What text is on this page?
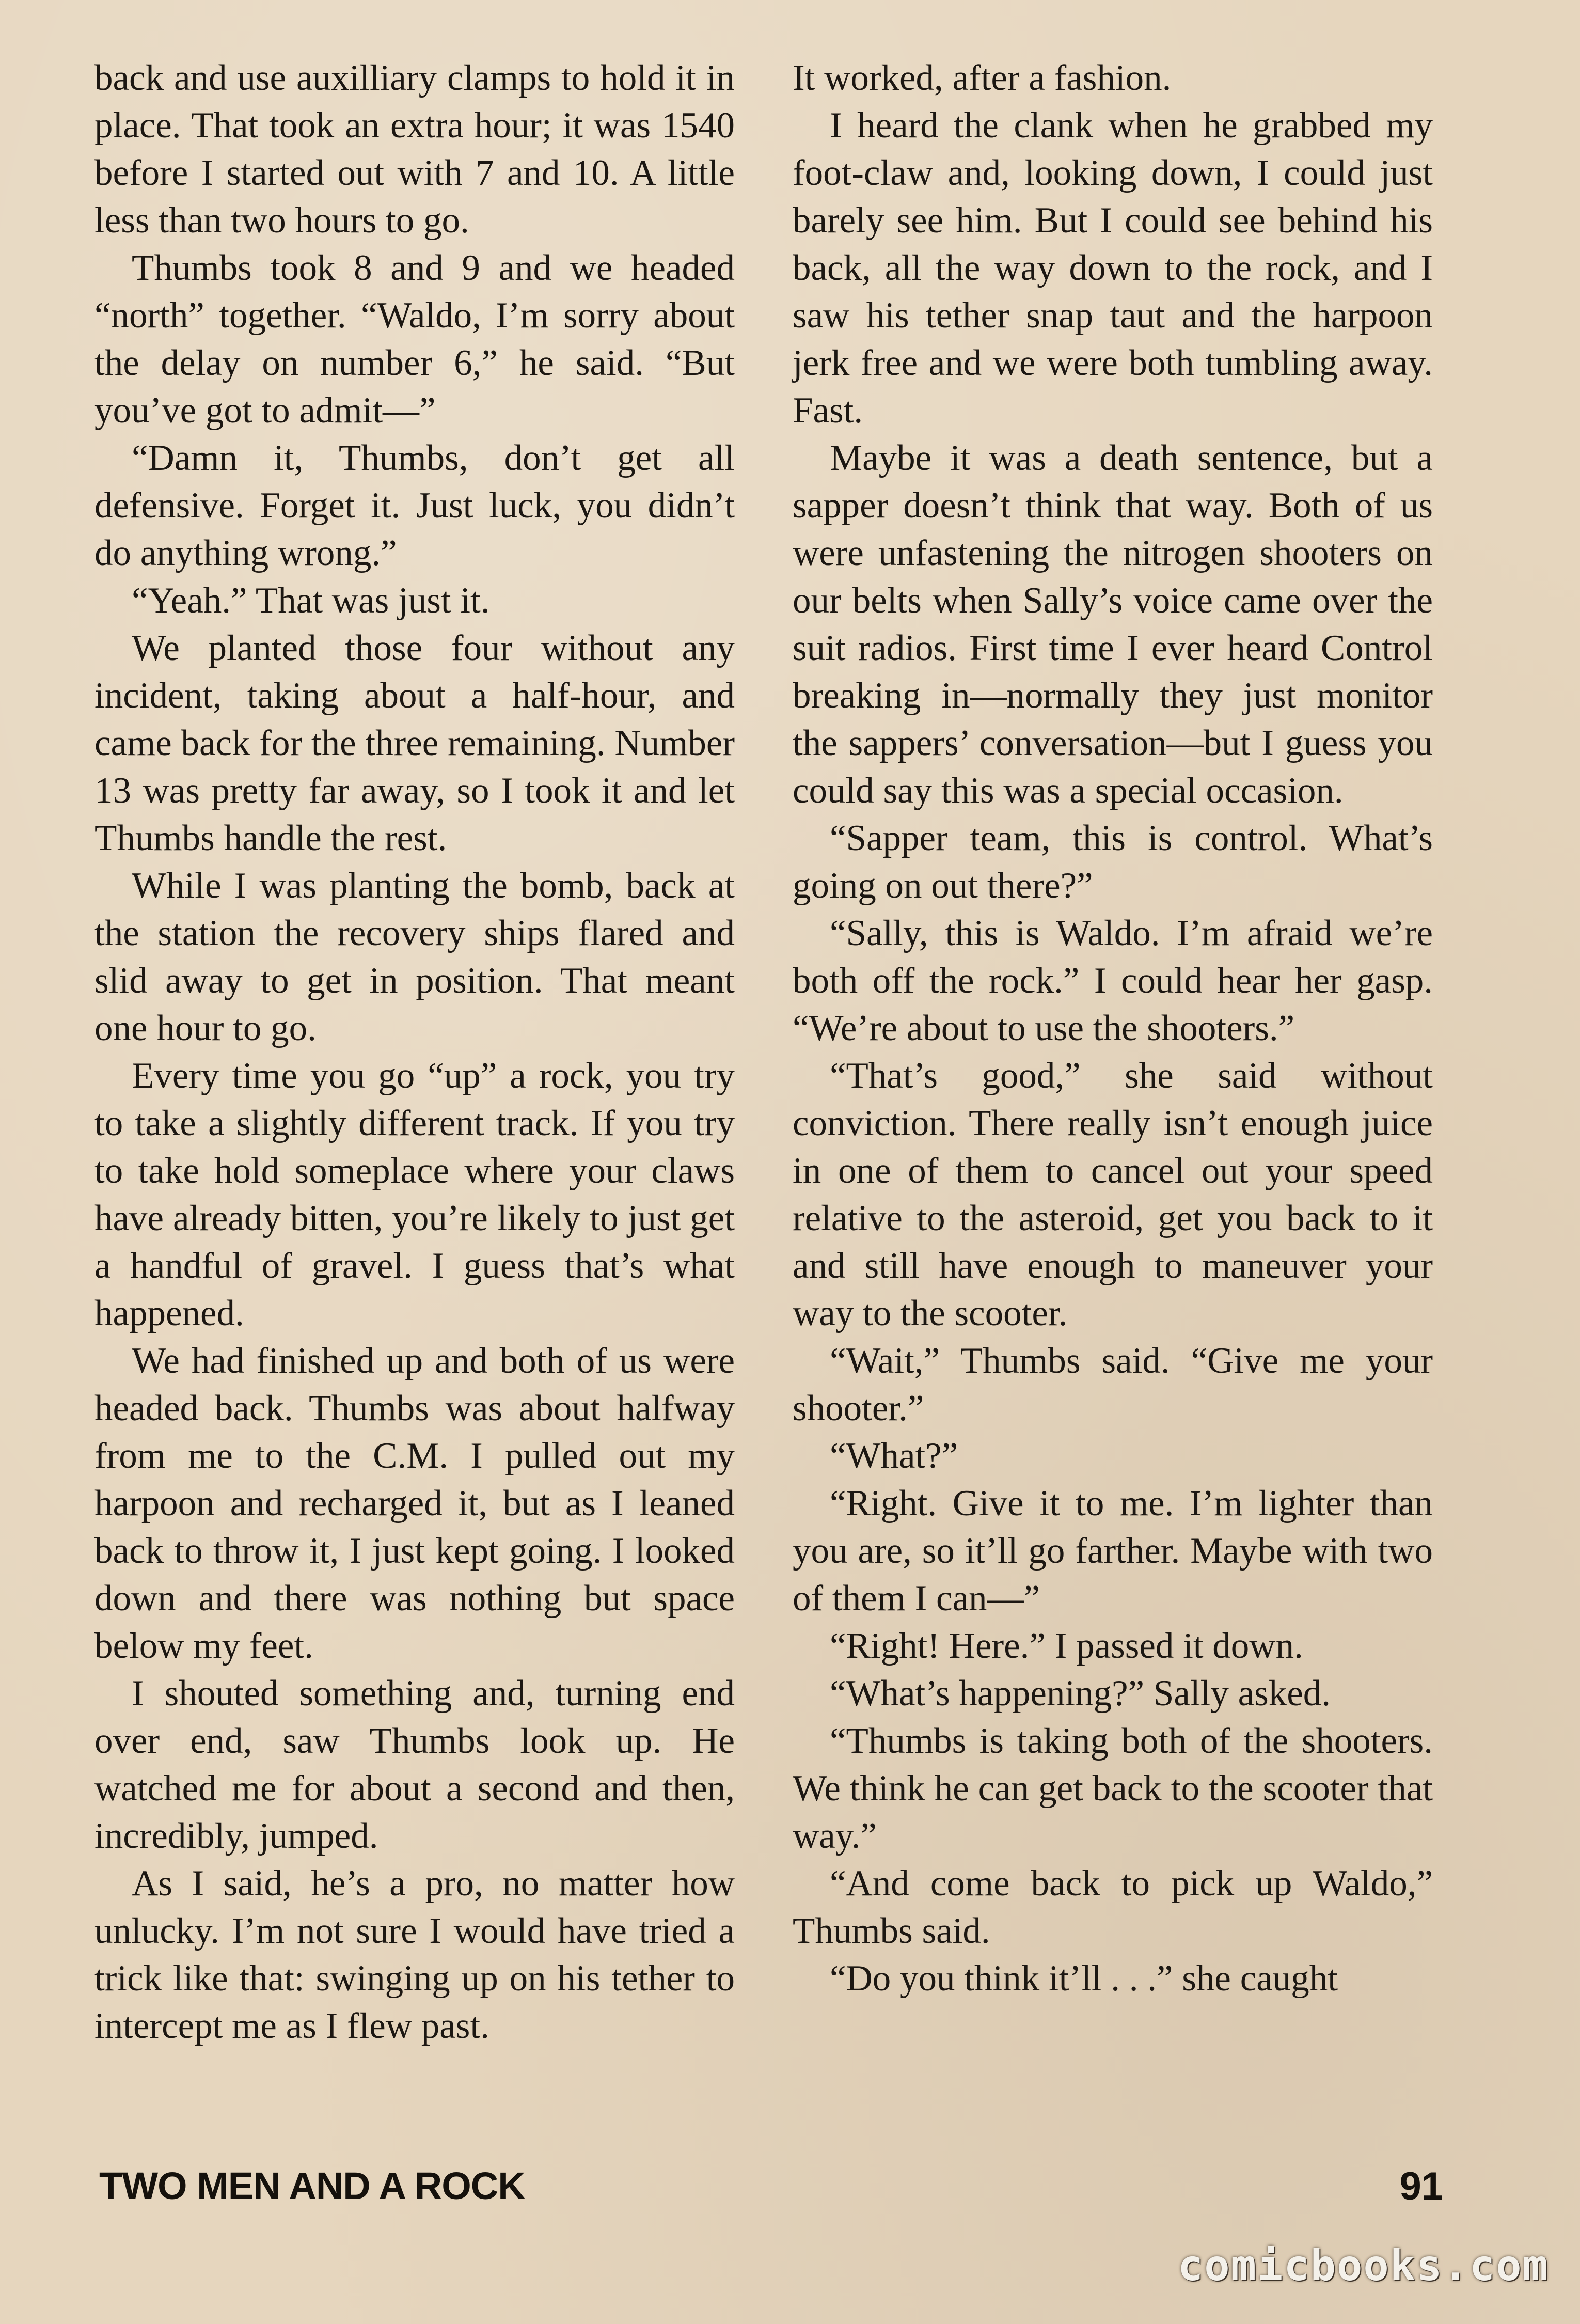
back and use auxilliary clamps to hold it in place. That took an extra hour; it was 1540 before I started out with 7 and 10. A little less than two hours to go.

Thumbs took 8 and 9 and we headed “north” together. “Waldo, I’m sorry about the delay on number 6,” he said. “But you’ve got to admit—”

“Damn it, Thumbs, don’t get all defensive. Forget it. Just luck, you didn’t do anything wrong.”

“Yeah.” That was just it.

We planted those four without any incident, taking about a half-hour, and came back for the three remaining. Number 13 was pretty far away, so I took it and let Thumbs handle the rest.

While I was planting the bomb, back at the station the recovery ships flared and slid away to get in position. That meant one hour to go.

Every time you go “up” a rock, you try to take a slightly different track. If you try to take hold someplace where your claws have already bitten, you’re likely to just get a handful of gravel. I guess that’s what happened.

We had finished up and both of us were headed back. Thumbs was about halfway from me to the C.M. I pulled out my harpoon and recharged it, but as I leaned back to throw it, I just kept going. I looked down and there was nothing but space below my feet.

I shouted something and, turning end over end, saw Thumbs look up. He watched me for about a second and then, incredibly, jumped.

As I said, he’s a pro, no matter how unlucky. I’m not sure I would have tried a trick like that: swinging up on his tether to intercept me as I flew past.

It worked, after a fashion.

I heard the clank when he grabbed my foot-claw and, looking down, I could just barely see him. But I could see behind his back, all the way down to the rock, and I saw his tether snap taut and the harpoon jerk free and we were both tumbling away. Fast.

Maybe it was a death sentence, but a sapper doesn’t think that way. Both of us were unfastening the nitrogen shooters on our belts when Sally’s voice came over the suit radios. First time I ever heard Control breaking in—normally they just monitor the sappers’ conversation—but I guess you could say this was a special occasion.

“Sapper team, this is control. What’s going on out there?”

“Sally, this is Waldo. I’m afraid we’re both off the rock.” I could hear her gasp. “We’re about to use the shooters.”

“That’s good,” she said without conviction. There really isn’t enough juice in one of them to cancel out your speed relative to the asteroid, get you back to it and still have enough to maneuver your way to the scooter.

“Wait,” Thumbs said. “Give me your shooter.”

“What?”

“Right. Give it to me. I’m lighter than you are, so it’ll go farther. Maybe with two of them I can—”

“Right! Here.” I passed it down.

“What’s happening?” Sally asked.

“Thumbs is taking both of the shooters. We think he can get back to the scooter that way.”

“And come back to pick up Waldo,” Thumbs said.

“Do you think it’ll . . .” she caught

TWO MEN AND A ROCK	91
comicbooks.com
